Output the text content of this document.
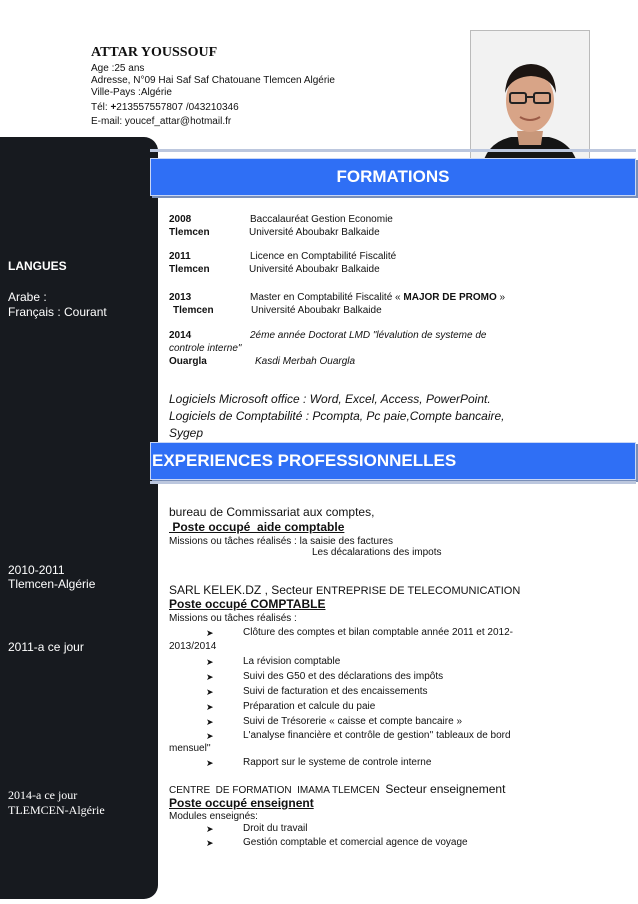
ATTAR YOUSSOUF
Age :25 ans
Adresse, N°09 Hai Saf Saf Chatouane Tlemcen Algérie
Ville-Pays :Algérie
Tél: +213557557807 /043210346
E-mail: youcef_attar@hotmail.fr
LANGUES
Arabe :
Français : Courant
2010-2011
Tlemcen-Algérie
2011-a ce jour
2014-a ce jour
TLEMCEN-Algérie
FORMATIONS
2008	Baccalauréat Gestion Economie
Tlemcen	Université Aboubakr Balkaide
2011	Licence en Comptabilité Fiscalité
Tlemcen	Université Aboubakr Balkaide
2013	Master en Comptabilité Fiscalité « MAJOR DE PROMO »
Tlemcen	Université Aboubakr Balkaide
2014	2éme année Doctorat LMD "lévalution de systeme de
controle interne"
Ouargla	Kasdi Merbah Ouargla
Logiciels Microsoft office : Word, Excel, Access, PowerPoint.
Logiciels de Comptabilité : Pcompta, Pc paie,Compte bancaire,
Sygep
EXPERIENCES PROFESSIONNELLES
bureau de Commissariat aux comptes,
Poste occupé  aide comptable
Missions ou tâches réalisés : la saisie des factures
Les décalarations des impots
SARL KELEK.DZ , Secteur ENTREPRISE DE TELECOMUNICATION
Poste occupé COMPTABLE
Missions ou tâches réalisés :
➤	Clôture des comptes et bilan comptable année 2011 et 2012-
2013/2014
➤	La révision comptable
➤	Suivi des G50 et des déclarations des impôts
➤	Suivi de facturation et des encaissements
➤	Préparation et calcule du paie
➤	Suivi de Trésorerie « caisse et compte bancaire »
➤	L'analyse financière et contrôle de gestion'' tableaux de bord
mensuel''
➤	Rapport sur le systeme de controle interne
CENTRE  DE FORMATION  IMAMA TLEMCEN  Secteur enseignement
Poste occupé enseignent
Modules enseignés:
➤	Droit du travail
➤	Gestión comptable et comercial agence de voyage
